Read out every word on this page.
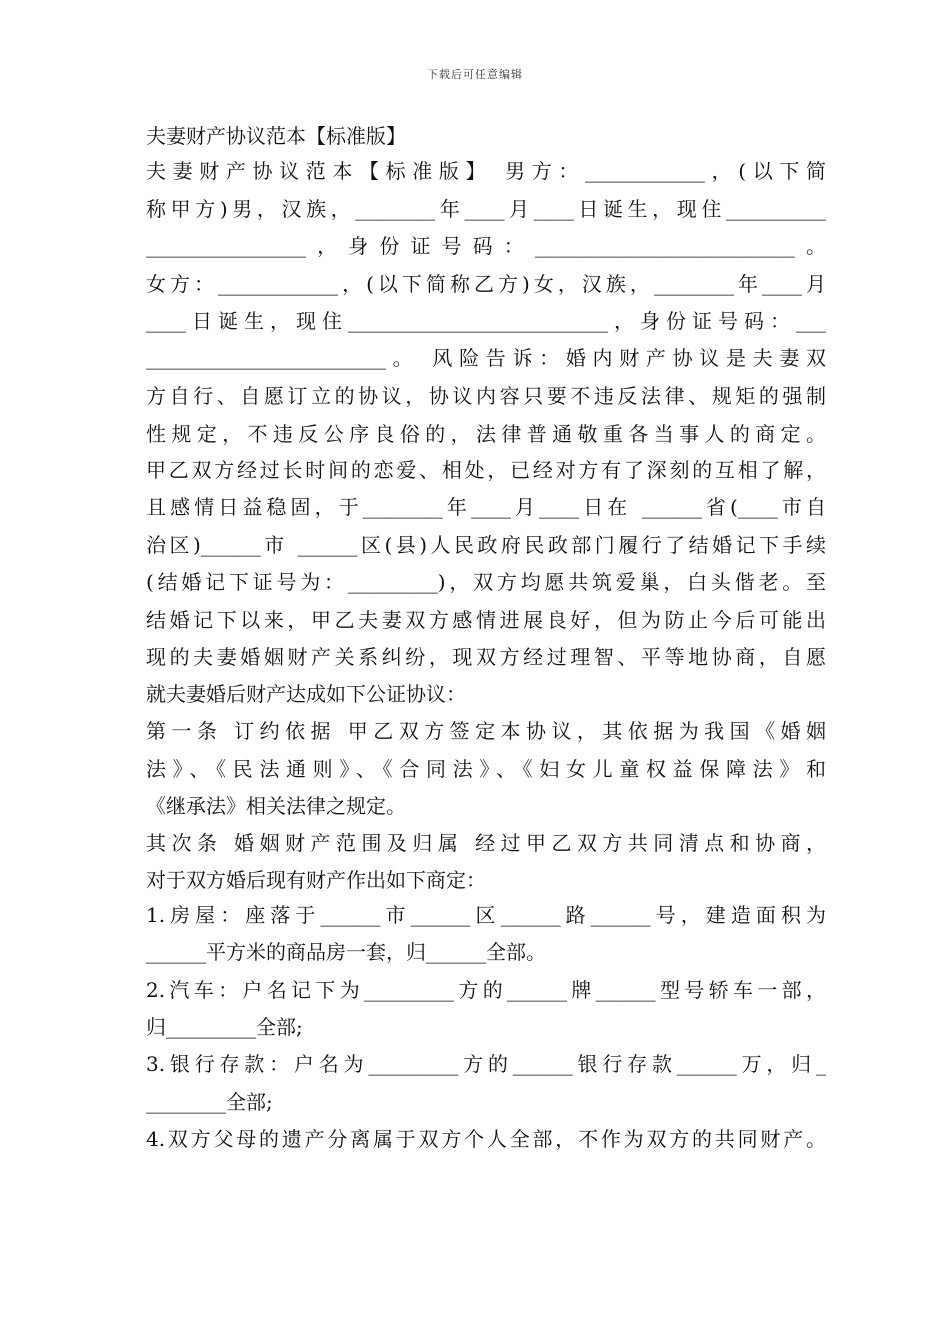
下载后可任意编辑
夫妻财产协议范本【标准版】
夫妻财产协议范本【标准版】 男方：____________，(以下简
称甲方)男，汉族，________年____月____日诞生，现住__________
________________，身份证号码：__________________________。
女方：____________，(以下简称乙方)女，汉族，________年____月
____日诞生，现住__________________________，身份证号码：___
________________________。 风险告诉：婚内财产协议是夫妻双
方自行、自愿订立的协议，协议内容只要不违反法律、规矩的强制
性规定，不违反公序良俗的，法律普通敬重各当事人的商定。
甲乙双方经过长时间的恋爱、相处，已经对方有了深刻的互相了解，
且感情日益稳固，于________年____月____日在 ______省(____市自
治区)______市 ______区(县)人民政府民政部门履行了结婚记下手续
(结婚记下证号为：_________)，双方均愿共筑爱巢，白头偕老。至
结婚记下以来，甲乙夫妻双方感情进展良好，但为防止今后可能出
现的夫妻婚姻财产关系纠纷，现双方经过理智、平等地协商，自愿
就夫妻婚后财产达成如下公证协议：
第一条 订约依据 甲乙双方签定本协议，其依据为我国《婚姻
法》、《民法通则》、《合同法》、《妇女儿童权益保障法》和
《继承法》相关法律之规定。
其次条 婚姻财产范围及归属 经过甲乙双方共同清点和协商，
对于双方婚后现有财产作出如下商定：
1.房屋：座落于______市______区______路______号，建造面积为
______平方米的商品房一套，归______全部。
2.汽车：户名记下为_________方的______牌______型号轿车一部，
归_________全部;
3.银行存款：户名为_________方的______银行存款______万，归_
________全部;
4.双方父母的遗产分离属于双方个人全部，不作为双方的共同财产。
